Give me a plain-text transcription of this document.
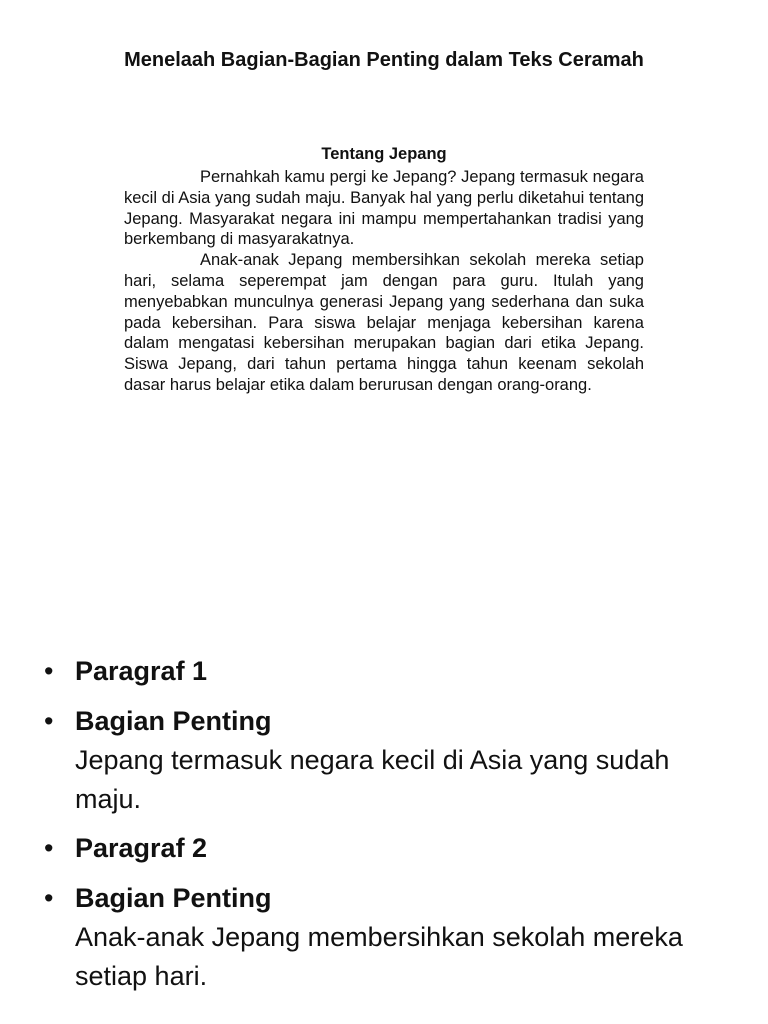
Menelaah Bagian-Bagian Penting dalam Teks Ceramah
Tentang Jepang

Pernahkah kamu pergi ke Jepang? Jepang termasuk negara kecil di Asia yang sudah maju. Banyak hal yang perlu diketahui tentang Jepang. Masyarakat negara ini mampu mempertahankan tradisi yang berkembang di masyarakatnya.

Anak-anak Jepang membersihkan sekolah mereka setiap hari, selama seperempat jam dengan para guru. Itulah yang menyebabkan munculnya generasi Jepang yang sederhana dan suka pada kebersihan. Para siswa belajar menjaga kebersihan karena dalam mengatasi kebersihan merupakan bagian dari etika Jepang. Siswa Jepang, dari tahun pertama hingga tahun keenam sekolah dasar harus belajar etika dalam berurusan dengan orang-orang.

• Paragraf 1
• Bagian Penting
Jepang termasuk negara kecil di Asia yang sudah maju.
• Paragraf 2
• Bagian Penting
Anak-anak Jepang membersihkan sekolah mereka setiap hari.
